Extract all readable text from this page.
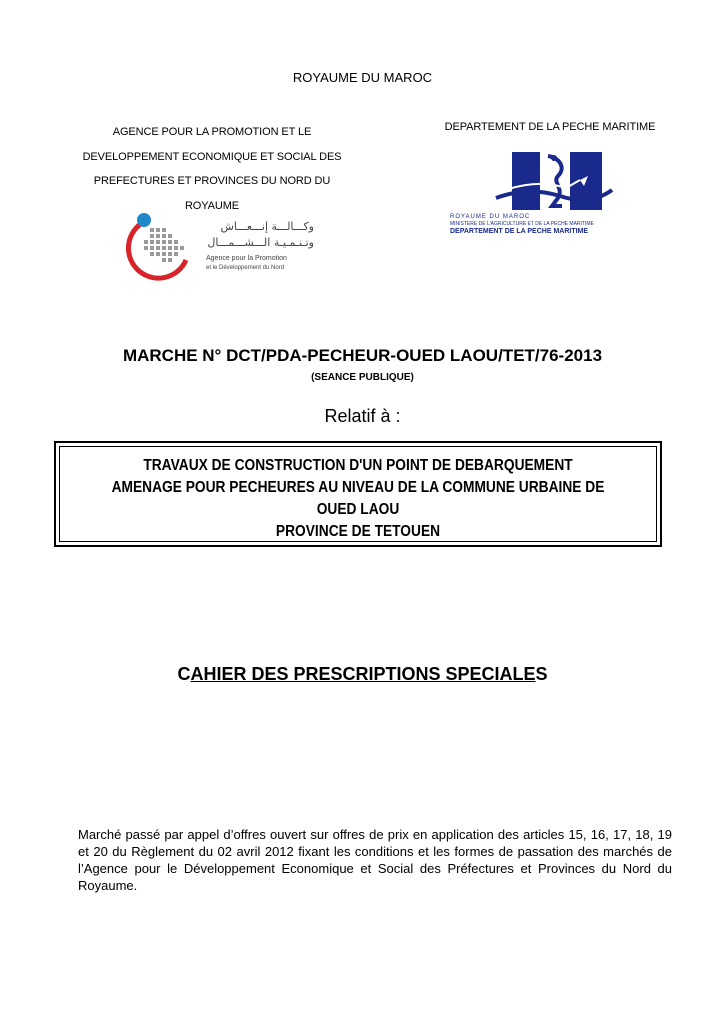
ROYAUME DU MAROC
AGENCE POUR LA PROMOTION ET LE
DEVELOPPEMENT ECONOMIQUE ET SOCIAL DES
PREFECTURES ET PROVINCES DU NORD DU
ROYAUME
وكـــالـــة إنـــعـــاش
وتـنـمـيـة الـــشـــمـــال
Agence pour la Promotion
et le Développement du Nord
DEPARTEMENT DE LA PECHE MARITIME
ROYAUME DU MAROC
MINISTERE DE L'AGRICULTURE ET DE LA PECHE MARITIME
DEPARTEMENT DE LA PECHE MARITIME
MARCHE N° DCT/PDA-PECHEUR-OUED LAOU/TET/76-2013
(SEANCE PUBLIQUE)
Relatif à :
TRAVAUX DE CONSTRUCTION D'UN POINT DE DEBARQUEMENT
AMENAGE POUR PECHEURES AU NIVEAU DE LA COMMUNE URBAINE DE
OUED LAOU
PROVINCE DE TETOUEN
CAHIER DES PRESCRIPTIONS SPECIALES
Marché passé par appel d’offres ouvert sur offres de prix en application des articles 15, 16, 17, 18, 19 et 20 du Règlement du 02 avril 2012 fixant les conditions et les formes de passation des marchés de l’Agence pour le Développement Economique et Social des Préfectures et Provinces du Nord du Royaume.
